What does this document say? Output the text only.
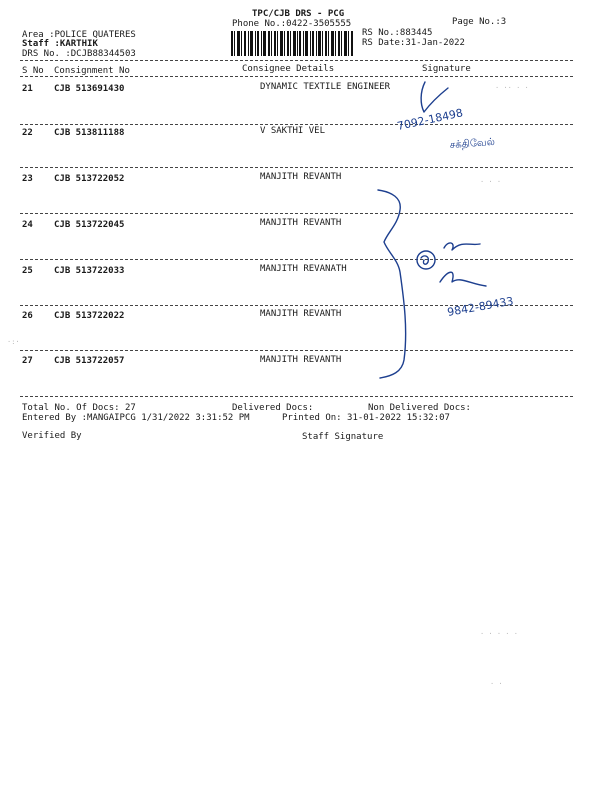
TPC/CJB DRS - PCG
Phone No.:0422-3505555	Page No.:3
Area :POLICE QUATERES
Staff :KARTHIK
DRS No. :DCJB88344503
RS No.:883445
RS Date:31-Jan-2022
S No Consignment No	Consignee Details	Signature
21 CJB 513691430	DYNAMIC TEXTILE ENGINEER
22 CJB 513811188	V SAKTHI VEL
23 CJB 513722052	MANJITH REVANTH
24 CJB 513722045	MANJITH REVANTH
25 CJB 513722033	MANJITH REVANATH
26 CJB 513722022	MANJITH REVANTH
27 CJB 513722057	MANJITH REVANTH
Total No. Of Docs: 27	Delivered Docs:	Non Delivered Docs:
Entered By :MANGAIPCG 1/31/2022 3:31:52 PM	Printed On: 31-01-2022 15:32:07
Verified By	Staff Signature
7092-18498
சக்திவேல்
9842-89433
· ·· · ·
· · ·
·:·
· · · · ·
· ·
